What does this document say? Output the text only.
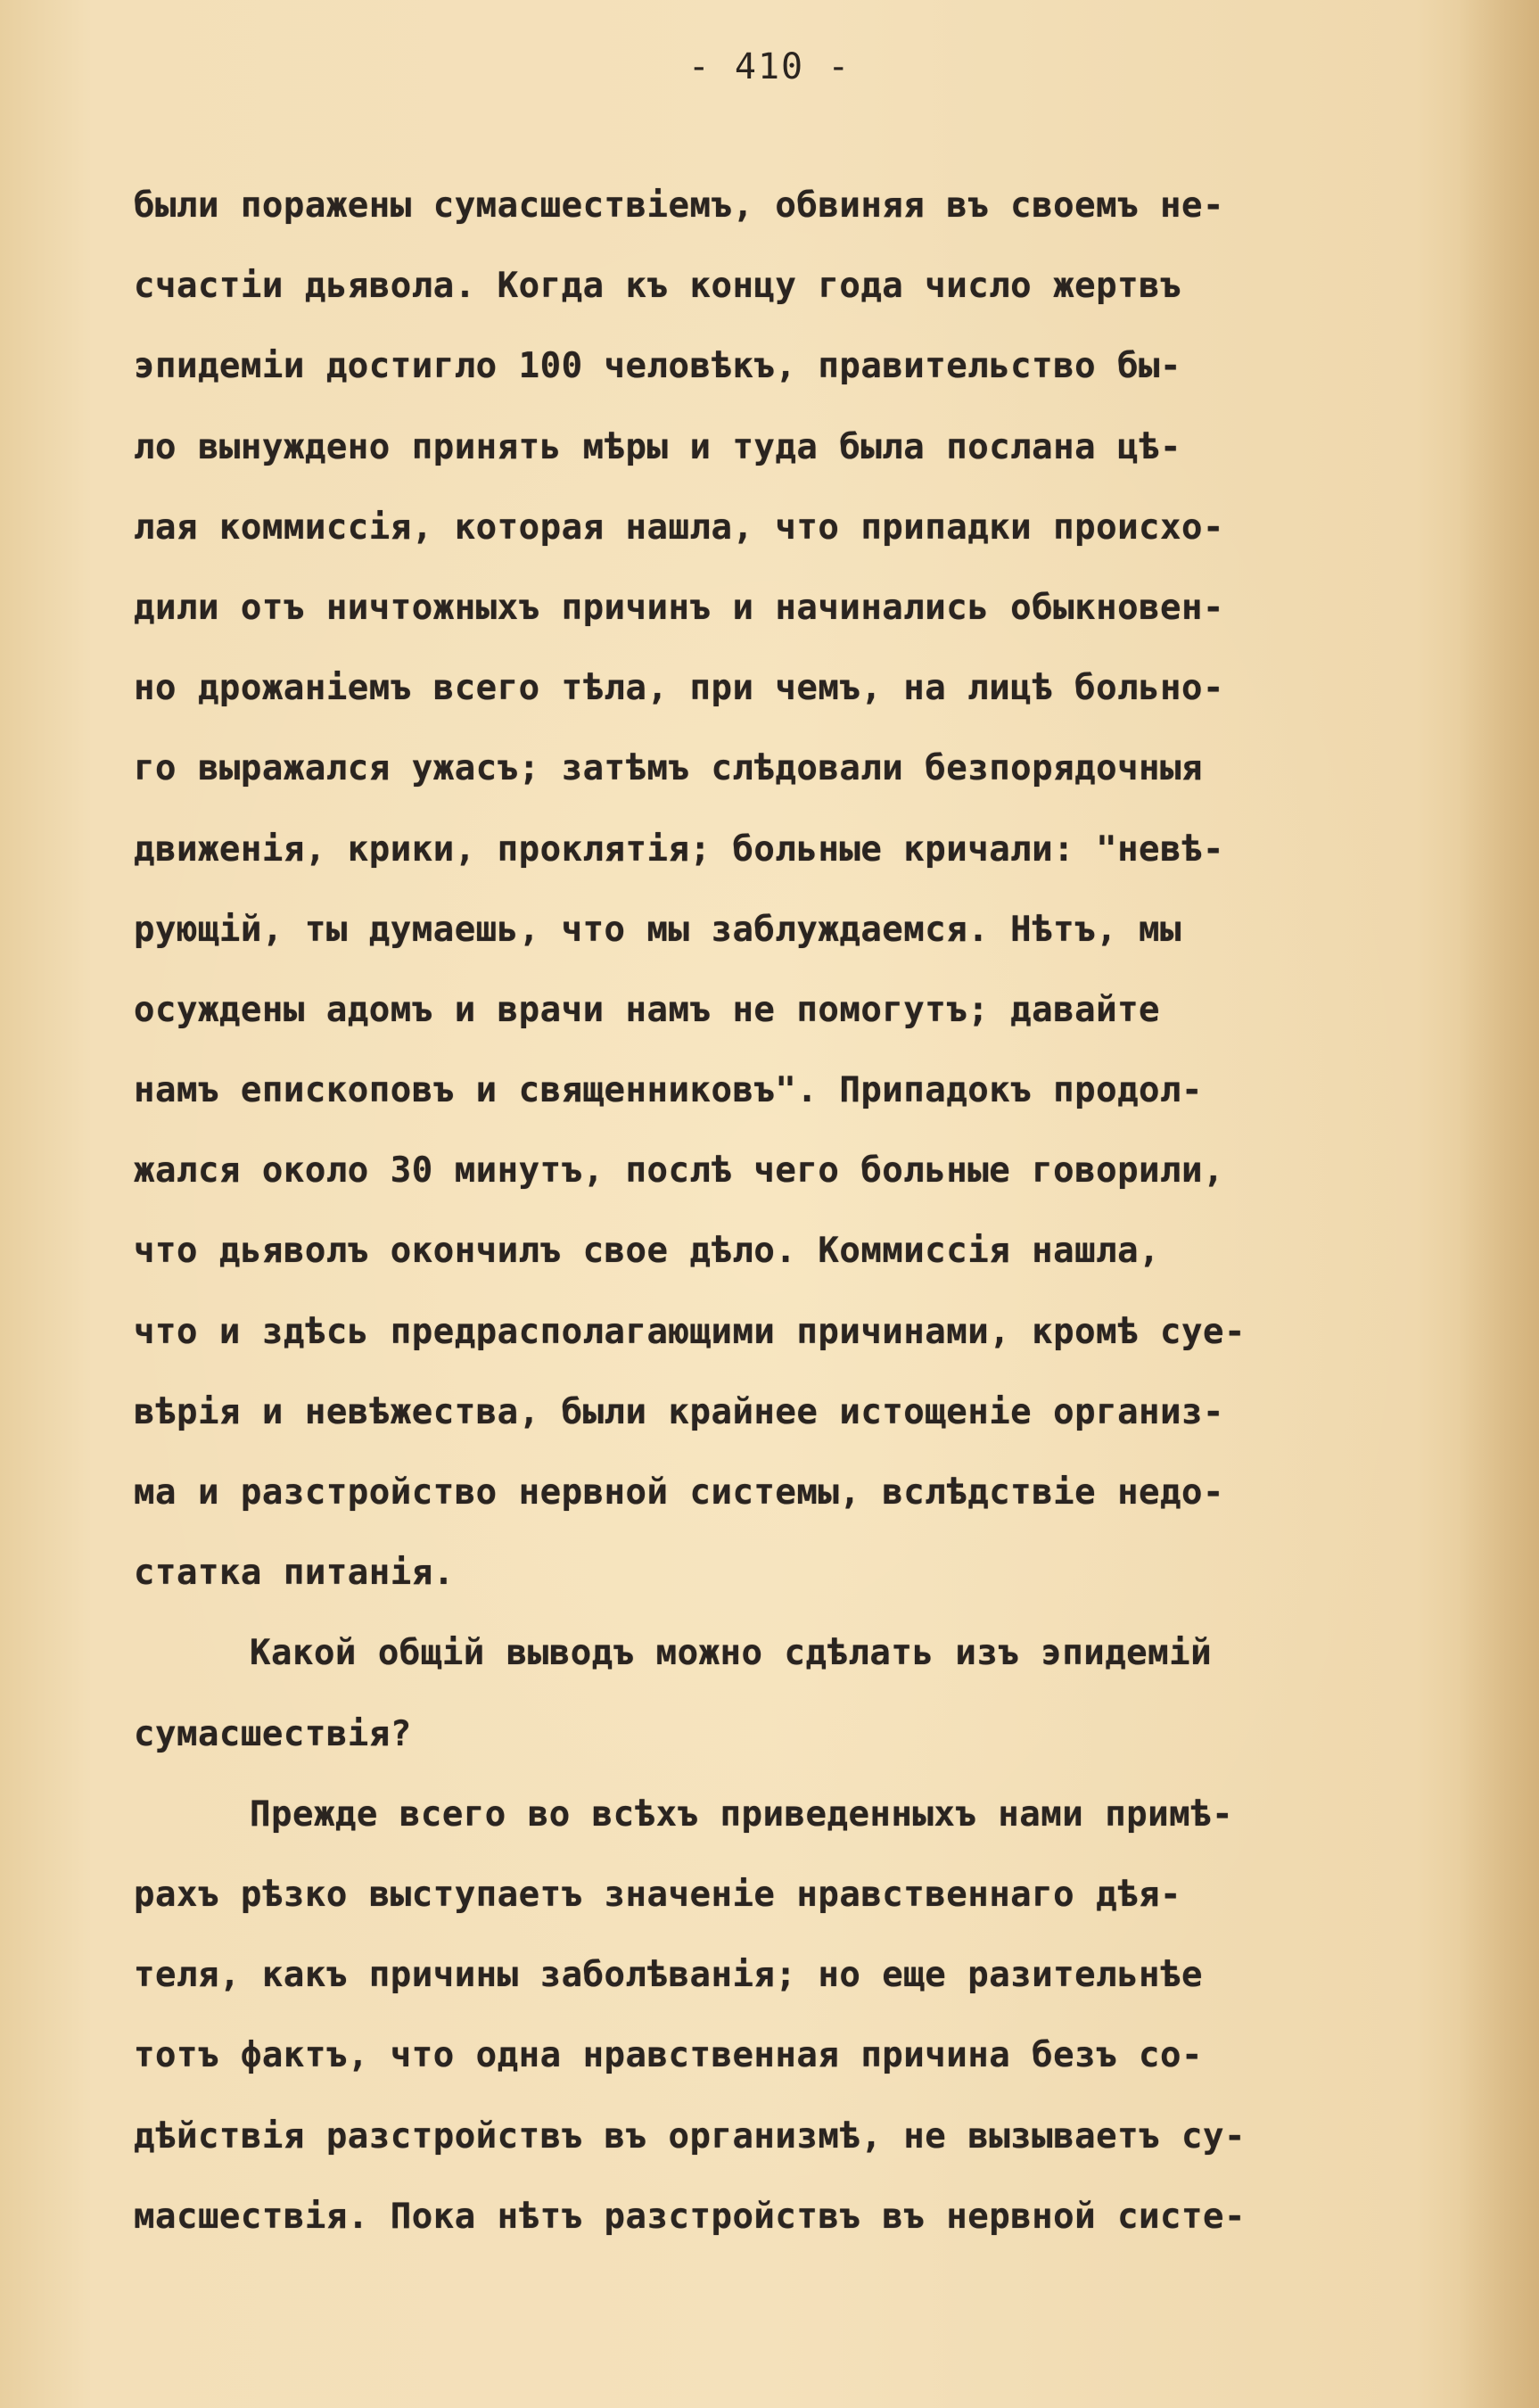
- 410 -
были поражены сумасшествіемъ, обвиняя въ своемъ не-
счастіи дьявола. Когда къ концу года число жертвъ
эпидеміи достигло 100 человѣкъ, правительство бы-
ло вынуждено принять мѣры и туда была послана цѣ-
лая коммиссія, которая нашла, что припадки происхо-
дили отъ ничтожныхъ причинъ и начинались обыкновен-
но дрожаніемъ всего тѣла, при чемъ, на лицѣ больно-
го выражался ужасъ; затѣмъ слѣдовали безпорядочныя
движенія, крики, проклятія; больные кричали: "невѣ-
рующій, ты думаешь, что мы заблуждаемся. Нѣтъ, мы
осуждены адомъ и врачи намъ не помогутъ; давайте
намъ епископовъ и священниковъ". Припадокъ продол-
жался около 30 минутъ, послѣ чего больные говорили,
что дьяволъ окончилъ свое дѣло. Коммиссія нашла,
что и здѣсь предрасполагающими причинами, кромѣ суе-
вѣрія и невѣжества, были крайнее истощеніе организ-
ма и разстройство нервной системы, вслѣдствіе недо-
статка питанія.
Какой общій выводъ можно сдѣлать изъ эпидемій
сумасшествія?
Прежде всего во всѣхъ приведенныхъ нами примѣ-
рахъ рѣзко выступаетъ значеніе нравственнаго дѣя-
теля, какъ причины заболѣванія; но еще разительнѣе
тотъ фактъ, что одна нравственная причина безъ со-
дѣйствія разстройствъ въ организмѣ, не вызываетъ су-
масшествія. Пока нѣтъ разстройствъ въ нервной систе-
